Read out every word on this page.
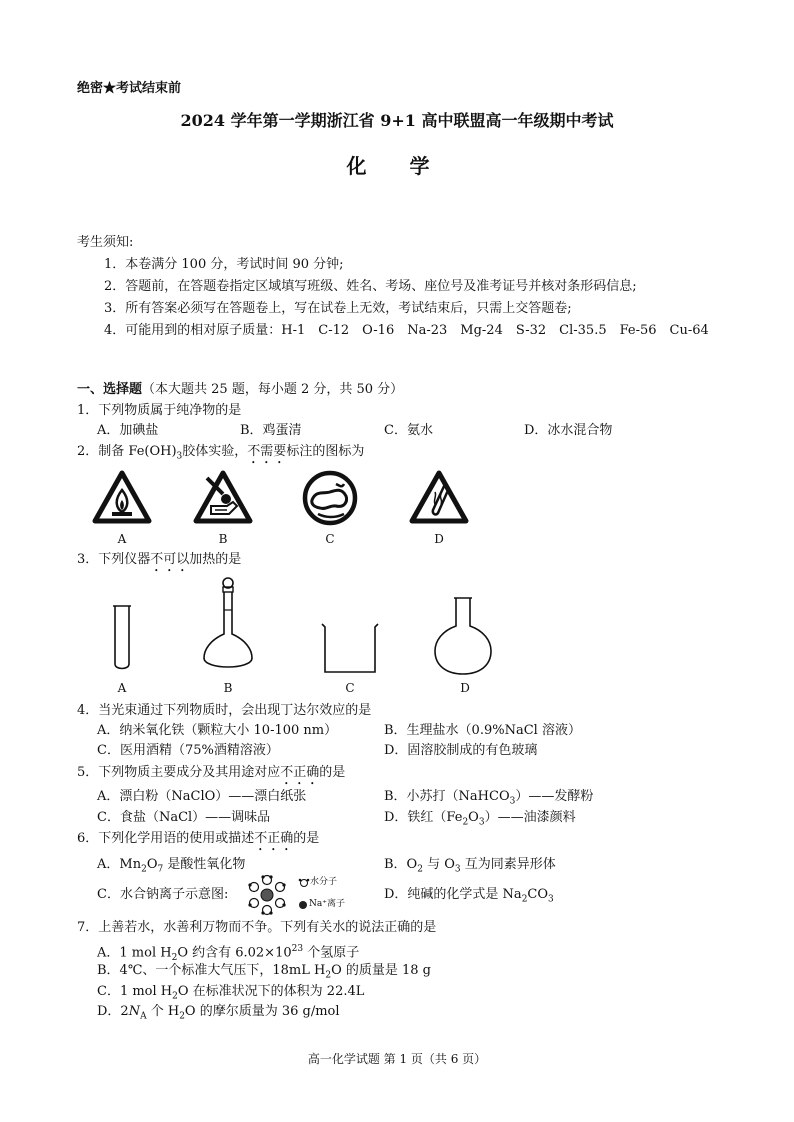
绝密★考试结束前
2024 学年第一学期浙江省 9+1 高中联盟高一年级期中考试
化 学
考生须知:
1．本卷满分 100 分，考试时间 90 分钟;
2．答题前，在答题卷指定区域填写班级、姓名、考场、座位号及准考证号并核对条形码信息;
3．所有答案必须写在答题卷上，写在试卷上无效，考试结束后，只需上交答题卷;
4．可能用到的相对原子质量：H-1　C-12　O-16　Na-23　Mg-24　S-32　Cl-35.5　Fe-56　Cu-64
一、选择题（本大题共 25 题，每小题 2 分，共 50 分）
1．下列物质属于纯净物的是
A．加碘盐	B．鸡蛋清	C．氨水	D．冰水混合物
2．制备 $Fe(OH)_3$胶体实验，不需要标注的图标为
A	B	C	D
3．下列仪器不可以加热的是
A	B	C	D
4．当光束通过下列物质时，会出现丁达尔效应的是
A．纳米氧化铁（颗粒大小 10-100 nm）	B．生理盐水（0.9%NaCl 溶液）
C．医用酒精（75%酒精溶液）	D．固溶胶制成的有色玻璃
5．下列物质主要成分及其用途对应不正确的是
A．漂白粉（NaClO）——漂白纸张	B．小苏打（NaHCO$_3$）——发酵粉
C．食盐（NaCl）——调味品	D．铁红$(Fe_2O_3)——$油漆颜料
6．下列化学用语的使用或描述不正确的是
A．$Mn_2O_7$ 是酸性氧化物	B．$O_2$ 与 $O_3$ 互为同素异形体
C．水合钠离子示意图:
水分子
Na⁺离子
D．纯碱的化学式是 $Na_2CO_3$
7．上善若水，水善利万物而不争。下列有关水的说法正确的是
A．1 mol $H_2O$ 约含有 $6.02\times 10^{23}$ 个氢原子
B．4℃、一个标准大气压下，18mL $H_2O$ 的质量是 18 g
C．1 mol $H_2O$ 在标准状况下的体积为 22.4L
D．$2N_A$ 个 $H_2O$ 的摩尔质量为 36 g/mol
高一化学试题 第 1 页（共 6 页）
